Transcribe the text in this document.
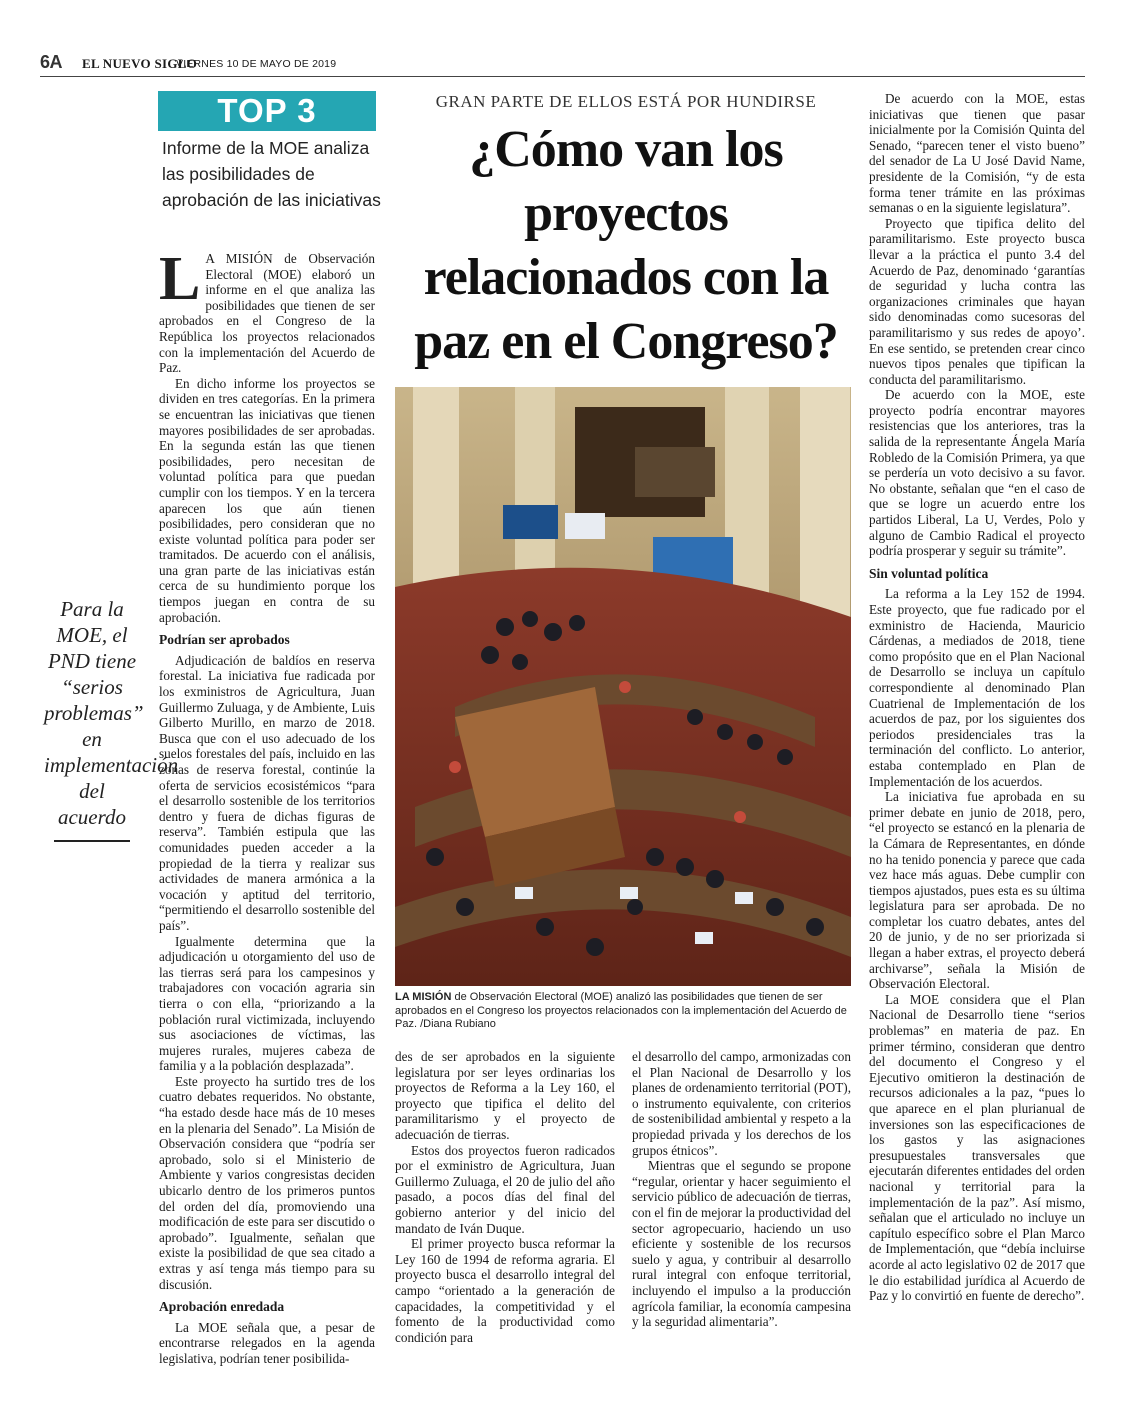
6A EL NUEVO SIGLO
VIERNES 10 DE MAYO DE 2019
TOP 3
Informe de la MOE analiza las posibilidades de aprobación de las iniciativas
GRAN PARTE DE ELLOS ESTÁ POR HUNDIRSE
¿Cómo van los proyectos relacionados con la paz en el Congreso?

L A MISIÓN de Observación Electoral (MOE) elaboró un informe en el que analiza las posibilidades que tienen de ser aprobados en el Congreso de la República los proyectos relacionados con la implementación del Acuerdo de Paz.

En dicho informe los proyectos se dividen en tres categorías. En la primera se encuentran las iniciativas que tienen mayores posibilidades de ser aprobadas. En la segunda están las que tienen posibilidades, pero necesitan de voluntad política para que puedan cumplir con los tiempos. Y en la tercera aparecen los que aún tienen posibilidades, pero consideran que no existe voluntad política para poder ser tramitados. De acuerdo con el análisis, una gran parte de las iniciativas están cerca de su hundimiento porque los tiempos juegan en contra de su aprobación.

Podrían ser aprobados

Adjudicación de baldíos en reserva forestal. La iniciativa fue radicada por los exministros de Agricultura, Juan Guillermo Zuluaga, y de Ambiente, Luis Gilberto Murillo, en marzo de 2018. Busca que con el uso adecuado de los suelos forestales del país, incluido en las zonas de reserva forestal, continúe la oferta de servicios ecosistémicos “para el desarrollo sostenible de los territorios dentro y fuera de dichas figuras de reserva”. También estipula que las comunidades pueden acceder a la propiedad de la tierra y realizar sus actividades de manera armónica a la vocación y aptitud del territorio, “permitiendo el desarrollo sostenible del país”.

Igualmente determina que la adjudicación u otorgamiento del uso de las tierras será para los campesinos y trabajadores con vocación agraria sin tierra o con ella, “priorizando a la población rural victimizada, incluyendo sus asociaciones de víctimas, las mujeres rurales, mujeres cabeza de familia y a la población desplazada”.

Este proyecto ha surtido tres de los cuatro debates requeridos. No obstante, “ha estado desde hace más de 10 meses en la plenaria del Senado”. La Misión de Observación considera que “podría ser aprobado, solo si el Ministerio de Ambiente y varios congresistas deciden ubicarlo dentro de los primeros puntos del orden del día, promoviendo una modificación de este para ser discutido o aprobado”. Igualmente, señalan que existe la posibilidad de que sea citado a extras y así tenga más tiempo para su discusión.

Aprobación enredada

La MOE señala que, a pesar de encontrarse relegados en la agenda legislativa, podrían tener posibilida-

Para la MOE, el PND tiene “serios problemas” en implementación del acuerdo
LA MISIÓN de Observación Electoral (MOE) analizó las posibilidades que tienen de ser aprobados en el Congreso los proyectos relacionados con la implementación del Acuerdo de Paz. /Diana Rubiano

des de ser aprobados en la siguiente legislatura por ser leyes ordinarias los proyectos de Reforma a la Ley 160, el proyecto que tipifica el delito del paramilitarismo y el proyecto de adecuación de tierras.

Estos dos proyectos fueron radicados por el exministro de Agricultura, Juan Guillermo Zuluaga, el 20 de julio del año pasado, a pocos días del final del gobierno anterior y del inicio del mandato de Iván Duque.

El primer proyecto busca reformar la Ley 160 de 1994 de reforma agraria. El proyecto busca el desarrollo integral del campo “orientado a la generación de capacidades, la competitividad y el fomento de la productividad como condición para

el desarrollo del campo, armonizadas con el Plan Nacional de Desarrollo y los planes de ordenamiento territorial (POT), o instrumento equivalente, con criterios de sostenibilidad ambiental y respeto a la propiedad privada y los derechos de los grupos étnicos”.

Mientras que el segundo se propone “regular, orientar y hacer seguimiento el servicio público de adecuación de tierras, con el fin de mejorar la productividad del sector agropecuario, haciendo un uso eficiente y sostenible de los recursos suelo y agua, y contribuir al desarrollo rural integral con enfoque territorial, incluyendo el impulso a la producción agrícola familiar, la economía campesina y la seguridad alimentaria”.

De acuerdo con la MOE, estas iniciativas que tienen que pasar inicialmente por la Comisión Quinta del Senado, “parecen tener el visto bueno” del senador de La U José David Name, presidente de la Comisión, “y de esta forma tener trámite en las próximas semanas o en la siguiente legislatura”.

Proyecto que tipifica delito del paramilitarismo. Este proyecto busca llevar a la práctica el punto 3.4 del Acuerdo de Paz, denominado ‘garantías de seguridad y lucha contra las organizaciones criminales que hayan sido denominadas como sucesoras del paramilitarismo y sus redes de apoyo’. En ese sentido, se pretenden crear cinco nuevos tipos penales que tipifican la conducta del paramilitarismo.

De acuerdo con la MOE, este proyecto podría encontrar mayores resistencias que los anteriores, tras la salida de la representante Ángela María Robledo de la Comisión Primera, ya que se perdería un voto decisivo a su favor. No obstante, señalan que “en el caso de que se logre un acuerdo entre los partidos Liberal, La U, Verdes, Polo y alguno de Cambio Radical el proyecto podría prosperar y seguir su trámite”.

Sin voluntad política

La reforma a la Ley 152 de 1994. Este proyecto, que fue radicado por el exministro de Hacienda, Mauricio Cárdenas, a mediados de 2018, tiene como propósito que en el Plan Nacional de Desarrollo se incluya un capítulo correspondiente al denominado Plan Cuatrienal de Implementación de los acuerdos de paz, por los siguientes dos periodos presidenciales tras la terminación del conflicto. Lo anterior, estaba contemplado en Plan de Implementación de los acuerdos.

La iniciativa fue aprobada en su primer debate en junio de 2018, pero, “el proyecto se estancó en la plenaria de la Cámara de Representantes, en dónde no ha tenido ponencia y parece que cada vez hace más aguas. Debe cumplir con tiempos ajustados, pues esta es su última legislatura para ser aprobada. De no completar los cuatro debates, antes del 20 de junio, y de no ser priorizada si llegan a haber extras, el proyecto deberá archivarse”, señala la Misión de Observación Electoral.

La MOE considera que el Plan Nacional de Desarrollo tiene “serios problemas” en materia de paz. En primer término, consideran que dentro del documento el Congreso y el Ejecutivo omitieron la destinación de recursos adicionales a la paz, “pues lo que aparece en el plan plurianual de inversiones son las especificaciones de los gastos y las asignaciones presupuestales transversales que ejecutarán diferentes entidades del orden nacional y territorial para la implementación de la paz”. Así mismo, señalan que el articulado no incluye un capítulo específico sobre el Plan Marco de Implementación, que “debía incluirse acorde al acto legislativo 02 de 2017 que le dio estabilidad jurídica al Acuerdo de Paz y lo convirtió en fuente de derecho”.
